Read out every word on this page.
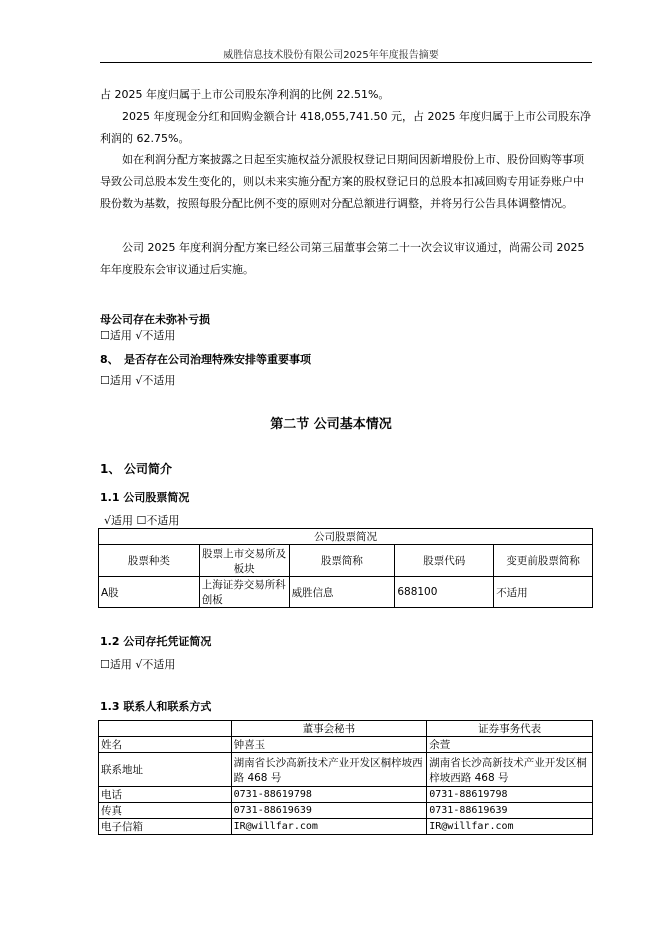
威胜信息技术股份有限公司2025年年度报告摘要
占 2025 年度归属于上市公司股东净利润的比例 22.51%。
2025 年度现金分红和回购金额合计 418,055,741.50 元，占 2025 年度归属于上市公司股东净利润的 62.75%。
如在利润分配方案披露之日起至实施权益分派股权登记日期间因新增股份上市、股份回购等事项导致公司总股本发生变化的，则以未来实施分配方案的股权登记日的总股本扣减回购专用证券账户中股份数为基数，按照每股分配比例不变的原则对分配总额进行调整，并将另行公告具体调整情况。
公司 2025 年度利润分配方案已经公司第三届董事会第二十一次会议审议通过，尚需公司 2025 年年度股东会审议通过后实施。
母公司存在未弥补亏损
☐适用 √不适用
8、 是否存在公司治理特殊安排等重要事项
☐适用 √不适用
第二节 公司基本情况
1、 公司简介
1.1 公司股票简况
√适用 ☐不适用
公司股票简况				
股票种类	股票上市交易所及板块	股票简称	股票代码	变更前股票简称
A股	上海证券交易所科创板	威胜信息	688100	不适用
1.2 公司存托凭证简况
☐适用 √不适用
1.3 联系人和联系方式
	董事会秘书	证券事务代表
姓名	钟喜玉	余萱
联系地址	湖南省长沙高新技术产业开发区桐梓坡西路 468 号	湖南省长沙高新技术产业开发区桐梓坡西路 468 号
电话	0731-88619798	0731-88619798
传真	0731-88619639	0731-88619639
电子信箱	IR@willfar.com	IR@willfar.com
